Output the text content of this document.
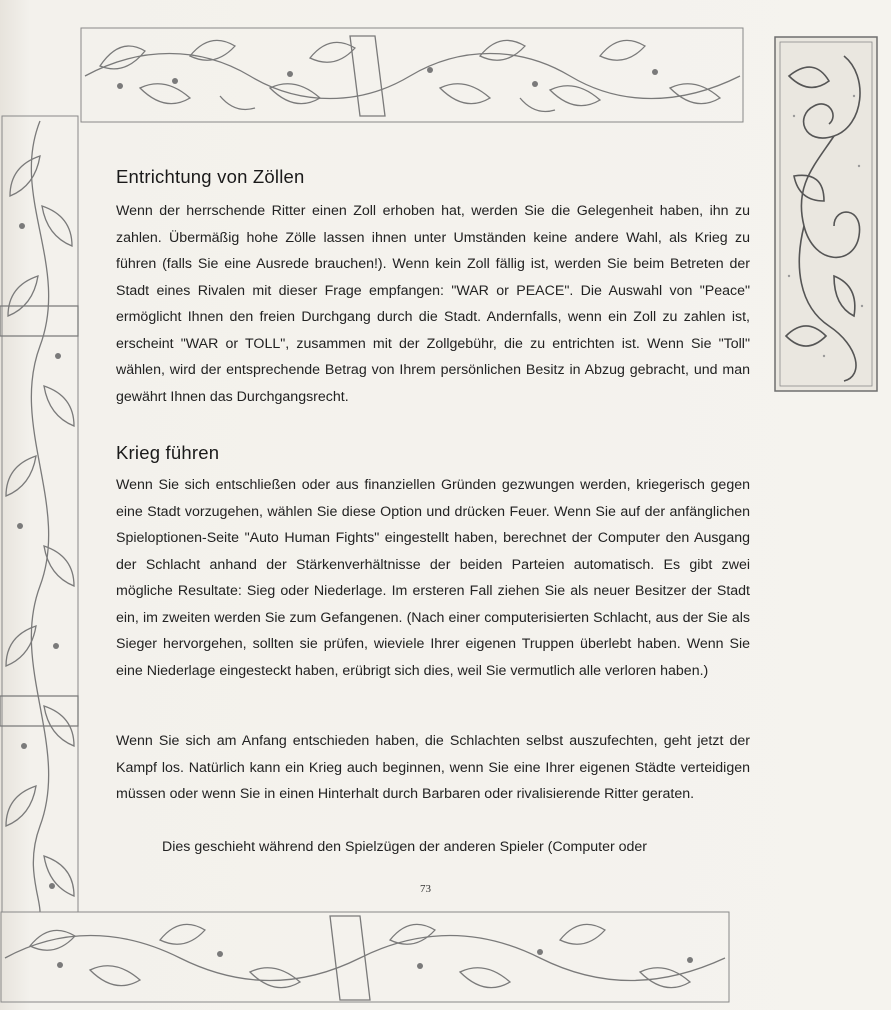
Entrichtung von Zöllen

Wenn der herrschende Ritter einen Zoll erhoben hat, werden Sie die Gelegenheit haben, ihn zu zahlen. Übermäßig hohe Zölle lassen ihnen unter Umständen keine andere Wahl, als Krieg zu führen (falls Sie eine Ausrede brauchen!). Wenn kein Zoll fällig ist, werden Sie beim Betreten der Stadt eines Rivalen mit dieser Frage empfangen: "WAR or PEACE". Die Auswahl von "Peace" ermöglicht Ihnen den freien Durchgang durch die Stadt. Andernfalls, wenn ein Zoll zu zahlen ist, erscheint "WAR or TOLL", zusammen mit der Zollgebühr, die zu entrichten ist. Wenn Sie "Toll" wählen, wird der entsprechende Betrag von Ihrem persönlichen Besitz in Abzug gebracht, und man gewährt Ihnen das Durchgangsrecht.

Krieg führen

Wenn Sie sich entschließen oder aus finanziellen Gründen gezwungen werden, kriegerisch gegen eine Stadt vorzugehen, wählen Sie diese Option und drücken Feuer. Wenn Sie auf der anfänglichen Spieloptionen-Seite "Auto Human Fights" eingestellt haben, berechnet der Computer den Ausgang der Schlacht anhand der Stärkenverhältnisse der beiden Parteien automatisch. Es gibt zwei mögliche Resultate: Sieg oder Niederlage. Im ersteren Fall ziehen Sie als neuer Besitzer der Stadt ein, im zweiten werden Sie zum Gefangenen. (Nach einer computerisierten Schlacht, aus der Sie als Sieger hervorgehen, sollten sie prüfen, wieviele Ihrer eigenen Truppen überlebt haben. Wenn Sie eine Niederlage eingesteckt haben, erübrigt sich dies, weil Sie vermutlich alle verloren haben.)

Wenn Sie sich am Anfang entschieden haben, die Schlachten selbst auszufechten, geht jetzt der Kampf los. Natürlich kann ein Krieg auch beginnen, wenn Sie eine Ihrer eigenen Städte verteidigen müssen oder wenn Sie in einen Hinterhalt durch Barbaren oder rivalisierende Ritter geraten.

Dies geschieht während den Spielzügen der anderen Spieler (Computer oder

73
